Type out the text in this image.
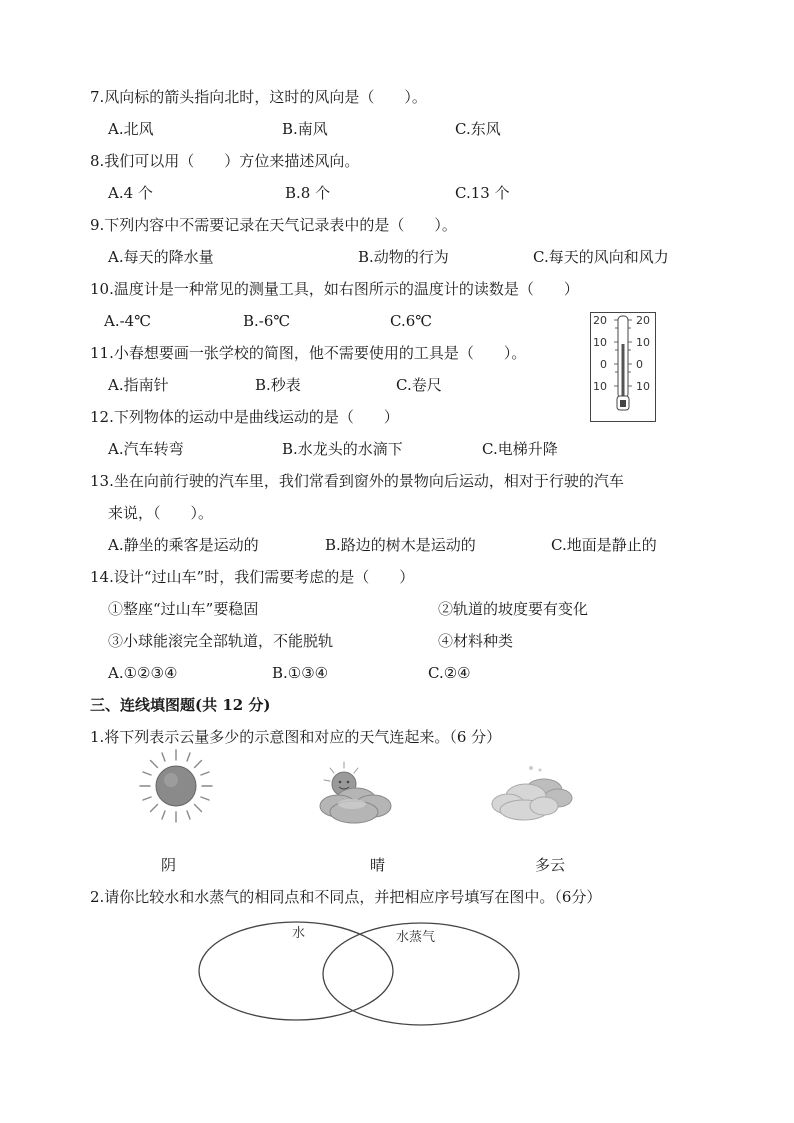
7.风向标的箭头指向北时，这时的风向是（　　）。
A.北风	B.南风	C.东风
8.我们可以用（　　）方位来描述风向。
A.4 个	B.8 个	C.13 个
9.下列内容中不需要记录在天气记录表中的是（　　）。
A.每天的降水量	B.动物的行为	C.每天的风向和风力
10.温度计是一种常见的测量工具，如右图所示的温度计的读数是（　　）
A.-4℃	B.-6℃	C.6℃	20	20
10	10
0	0
10	10
11.小春想要画一张学校的简图，他不需要使用的工具是（　　）。
A.指南针	B.秒表	C.卷尺
12.下列物体的运动中是曲线运动的是（　　）
A.汽车转弯	B.水龙头的水滴下	C.电梯升降
13.坐在向前行驶的汽车里，我们常看到窗外的景物向后运动，相对于行驶的汽车
来说，（　　）。
A.静坐的乘客是运动的	B.路边的树木是运动的	C.地面是静止的
14.设计“过山车”时，我们需要考虑的是（　　）
①整座“过山车”要稳固	②轨道的坡度要有变化
③小球能滚完全部轨道，不能脱轨	④材料种类
A.①②③④	B.①③④	C.②④
三、连线填图题(共 12 分)
1.将下列表示云量多少的示意图和对应的天气连起来。（6 分）
阴	晴	多云
2.请你比较水和水蒸气的相同点和不同点，并把相应序号填写在图中。（6分）
水	水蒸气
